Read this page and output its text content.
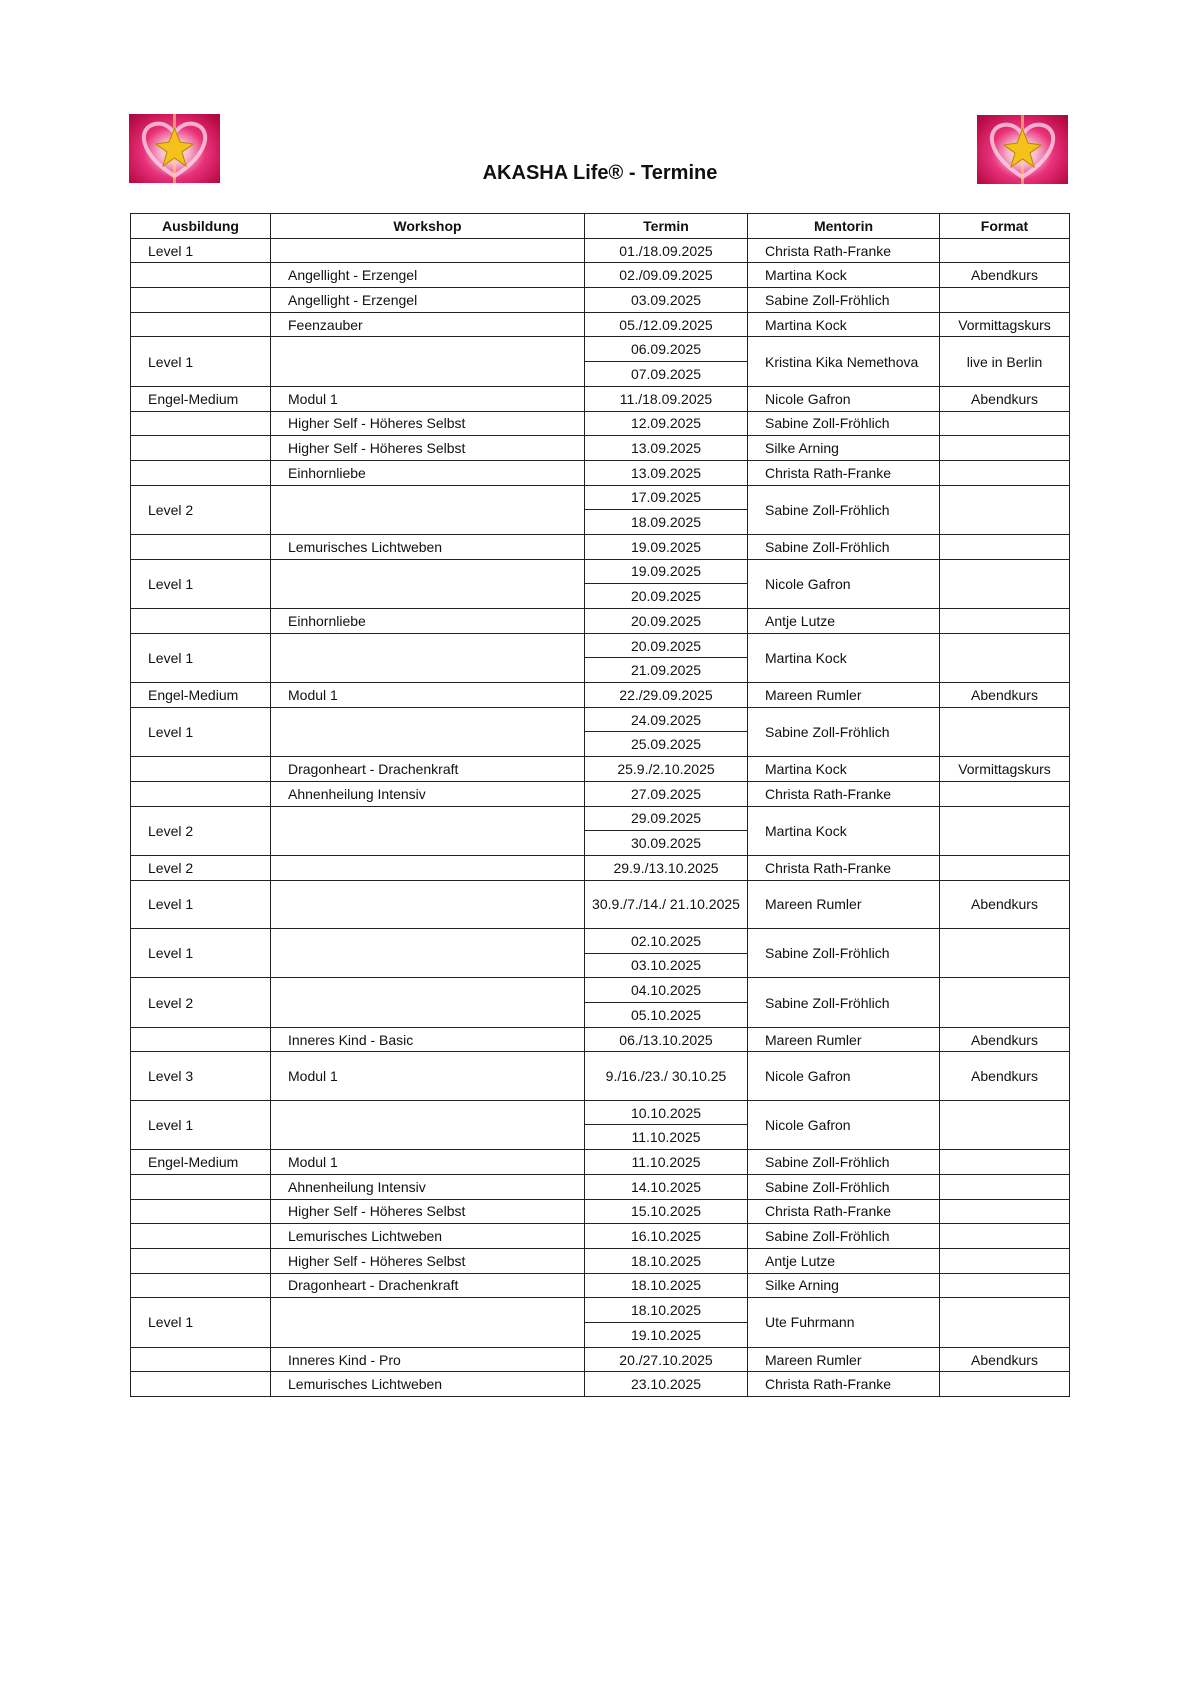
AKASHA Life® - Termine
Ausbildung	Workshop	Termin	Mentorin	Format
Level 1		01./18.09.2025	Christa Rath-Franke	
	Angellight - Erzengel	02./09.09.2025	Martina Kock	Abendkurs
	Angellight - Erzengel	03.09.2025	Sabine Zoll-Fröhlich	
	Feenzauber	05./12.09.2025	Martina Kock	Vormittagskurs
Level 1		06.09.2025	Kristina Kika Nemethova	live in Berlin
		07.09.2025		
Engel-Medium	Modul 1	11./18.09.2025	Nicole Gafron	Abendkurs
	Higher Self - Höheres Selbst	12.09.2025	Sabine Zoll-Fröhlich	
	Higher Self - Höheres Selbst	13.09.2025	Silke Arning	
	Einhornliebe	13.09.2025	Christa Rath-Franke	
Level 2		17.09.2025	Sabine Zoll-Fröhlich	
		18.09.2025		
	Lemurisches Lichtweben	19.09.2025	Sabine Zoll-Fröhlich	
Level 1		19.09.2025	Nicole Gafron	
		20.09.2025		
	Einhornliebe	20.09.2025	Antje Lutze	
Level 1		20.09.2025	Martina Kock	
		21.09.2025		
Engel-Medium	Modul 1	22./29.09.2025	Mareen Rumler	Abendkurs
Level 1		24.09.2025	Sabine Zoll-Fröhlich	
		25.09.2025		
	Dragonheart - Drachenkraft	25.9./2.10.2025	Martina Kock	Vormittagskurs
	Ahnenheilung Intensiv	27.09.2025	Christa Rath-Franke	
Level 2		29.09.2025	Martina Kock	
		30.09.2025		
Level 2		29.9./13.10.2025	Christa Rath-Franke	
Level 1		30.9./7./14./ 21.10.2025	Mareen Rumler	Abendkurs
Level 1		02.10.2025	Sabine Zoll-Fröhlich	
		03.10.2025		
Level 2		04.10.2025	Sabine Zoll-Fröhlich	
		05.10.2025		
	Inneres Kind - Basic	06./13.10.2025	Mareen Rumler	Abendkurs
Level 3	Modul 1	9./16./23./ 30.10.25	Nicole Gafron	Abendkurs
Level 1		10.10.2025	Nicole Gafron	
		11.10.2025		
Engel-Medium	Modul 1	11.10.2025	Sabine Zoll-Fröhlich	
	Ahnenheilung Intensiv	14.10.2025	Sabine Zoll-Fröhlich	
	Higher Self - Höheres Selbst	15.10.2025	Christa Rath-Franke	
	Lemurisches Lichtweben	16.10.2025	Sabine Zoll-Fröhlich	
	Higher Self - Höheres Selbst	18.10.2025	Antje Lutze	
	Dragonheart - Drachenkraft	18.10.2025	Silke Arning	
Level 1		18.10.2025	Ute Fuhrmann	
		19.10.2025		
	Inneres Kind - Pro	20./27.10.2025	Mareen Rumler	Abendkurs
	Lemurisches Lichtweben	23.10.2025	Christa Rath-Franke	
